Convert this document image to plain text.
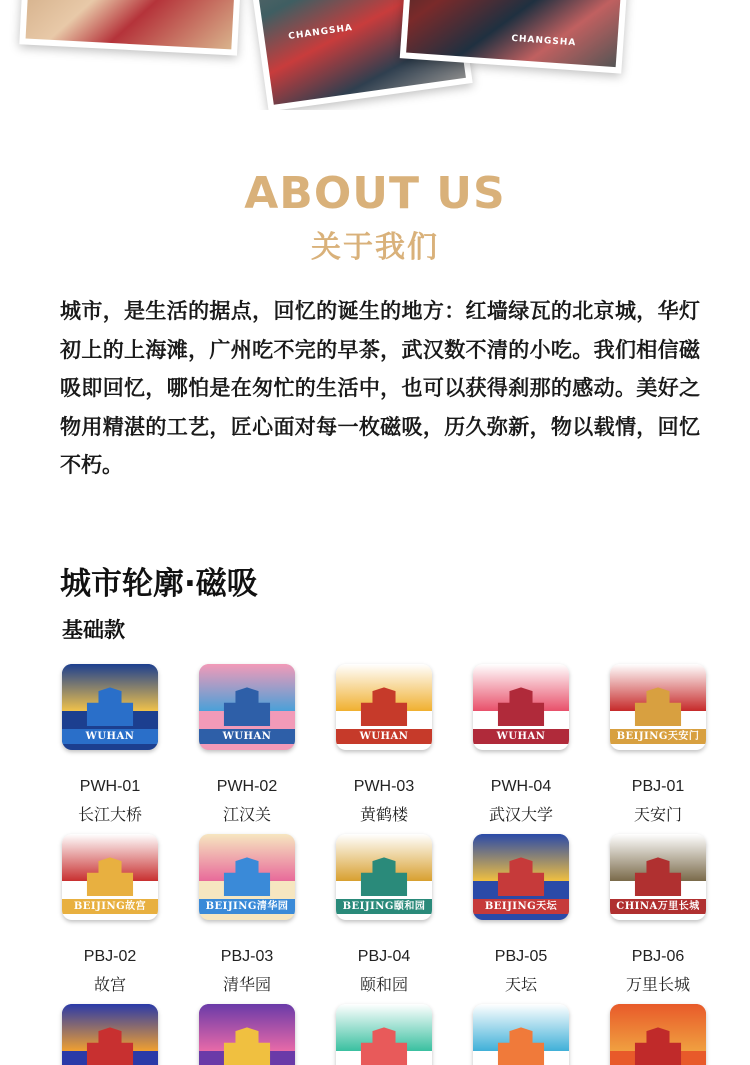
CHANGSHA	CHANGSHA
ABOUT US
关于我们

城市，是生活的据点，回忆的诞生的地方：红墙绿瓦的北京城，华灯初上的上海滩，广州吃不完的早茶，武汉数不清的小吃。我们相信磁吸即回忆，哪怕是在匆忙的生活中，也可以获得刹那的感动。美好之物用精湛的工艺，匠心面对每一枚磁吸，历久弥新，物以载情，回忆不朽。

城市轮廓·磁吸
基础款
WUHAN
PWH-01
长江大桥
WUHAN
PWH-02
江汉关
WUHAN
PWH-03
黄鹤楼
WUHAN
PWH-04
武汉大学
BEIJING天安门
PBJ-01
天安门
BEIJING故宫
PBJ-02
故宫
BEIJING清华园
PBJ-03
清华园
BEIJING颐和园
PBJ-04
颐和园
BEIJING天坛
PBJ-05
天坛
CHINA万里长城
PBJ-06
万里长城
